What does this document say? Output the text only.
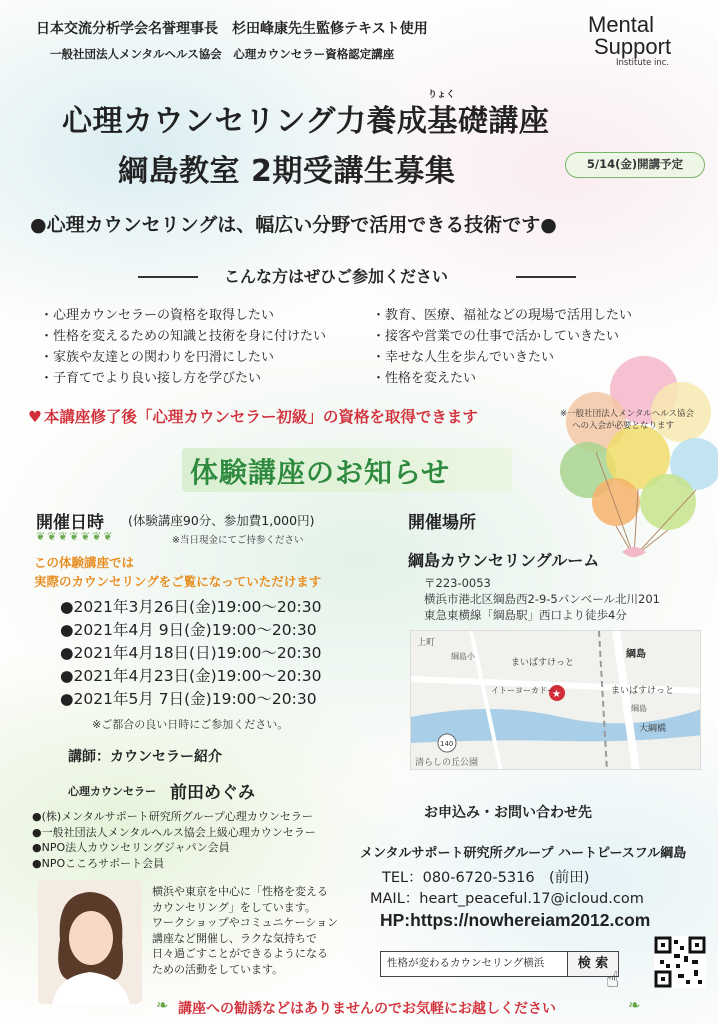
日本交流分析学会名誉理事長　杉田峰康先生監修テキスト使用
一般社団法人メンタルヘルス協会　心理カウンセラー資格認定講座
Mental
Support
Institute inc.
りょく
心理カウンセリング力養成基礎講座
綱島教室 2期受講生募集	5/14(金)開講予定
●心理カウンセリングは、幅広い分野で活用できる技術です●
こんな方はぜひご参加ください
・心理カウンセラーの資格を取得したい
・性格を変えるための知識と技術を身に付けたい
・家族や友達との関わりを円滑にしたい
・子育てでより良い接し方を学びたい
・教育、医療、福祉などの現場で活用したい
・接客や営業での仕事で活かしていきたい
・幸せな人生を歩んでいきたい
・性格を変えたい
♥ 本講座修了後「心理カウンセラー初級」の資格を取得できます	※一般社団法人メンタルヘルス協会
への入会が必要となります
体験講座のお知らせ
開催日時 (体験講座90分、参加費1,000円)
❦❦❦❦❦❦❦	※当日現金にてご持参ください
この体験講座では
実際のカウンセリングをご覧になっていただけます
●2021年3月26日(金)19:00～20:30
●2021年4月 9日(金)19:00～20:30
●2021年4月18日(日)19:00～20:30
●2021年4月23日(金)19:00～20:30
●2021年5月 7日(金)19:00～20:30
※ご都合の良い日時にご参加ください。
開催場所
綱島カウンセリングルーム
〒223-0053
横浜市港北区綱島西2-9-5パンベール北川201
東急東横線「綱島駅」西口より徒歩4分
★
上町
綱島小
まいばすけっと
綱島
イトーヨーカドー	まいばすけっと
綱島
大綱橋
140
清らしの丘公園
講師：カウンセラー紹介
心理カウンセラー 前田めぐみ
●(株)メンタルサポート研究所グループ心理カウンセラー
●一般社団法人メンタルヘルス協会上級心理カウンセラー
●NPO法人カウンセリングジャパン会員
●NPOこころサポート会員
横浜や東京を中心に「性格を変える
カウンセリング」をしています。
ワークショップやコミュニケーション
講座など開催し、ラクな気持ちで
日々過ごすことができるようになる
ための活動をしています。
お申込み・お問い合わせ先
メンタルサポート研究所グループ ハートピースフル綱島
TEL：080-6720-5316　(前田)
MAIL：heart_peaceful.17@icloud.com
HP:https://nowhereiam2012.com
性格が変わるカウンセリング横浜	検 索
☝
❧ 講座への勧誘などはありませんのでお気軽にお越しください	❧
